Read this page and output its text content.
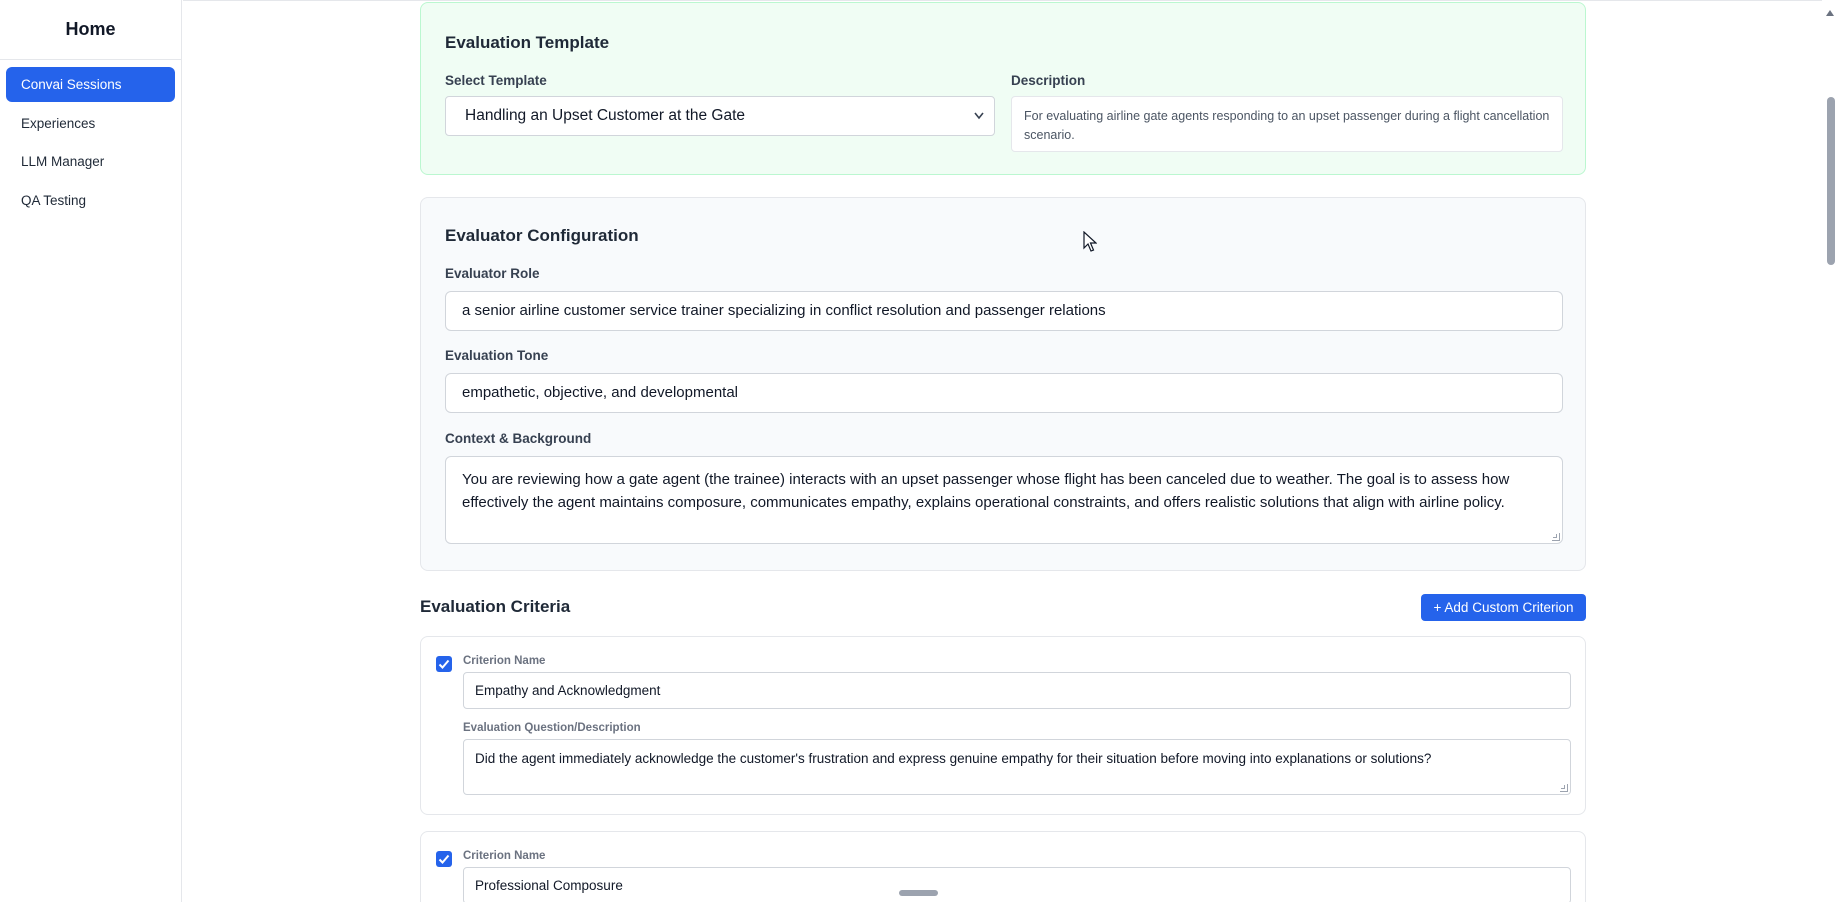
Home
Convai Sessions
Experiences
LLM Manager
QA Testing
Evaluation Template
Select Template
Handling an Upset Customer at the Gate
Description
For evaluating airline gate agents responding to an upset passenger during a flight cancellation scenario.
Evaluator Configuration
Evaluator Role
a senior airline customer service trainer specializing in conflict resolution and passenger relations
Evaluation Tone
empathetic, objective, and developmental
Context & Background
You are reviewing how a gate agent (the trainee) interacts with an upset passenger whose flight has been canceled due to weather. The goal is to assess how effectively the agent maintains composure, communicates empathy, explains operational constraints, and offers realistic solutions that align with airline policy.
Evaluation Criteria	+ Add Custom Criterion
Criterion Name
Empathy and Acknowledgment
Evaluation Question/Description
Did the agent immediately acknowledge the customer's frustration and express genuine empathy for their situation before moving into explanations or solutions?
Criterion Name
Professional Composure
